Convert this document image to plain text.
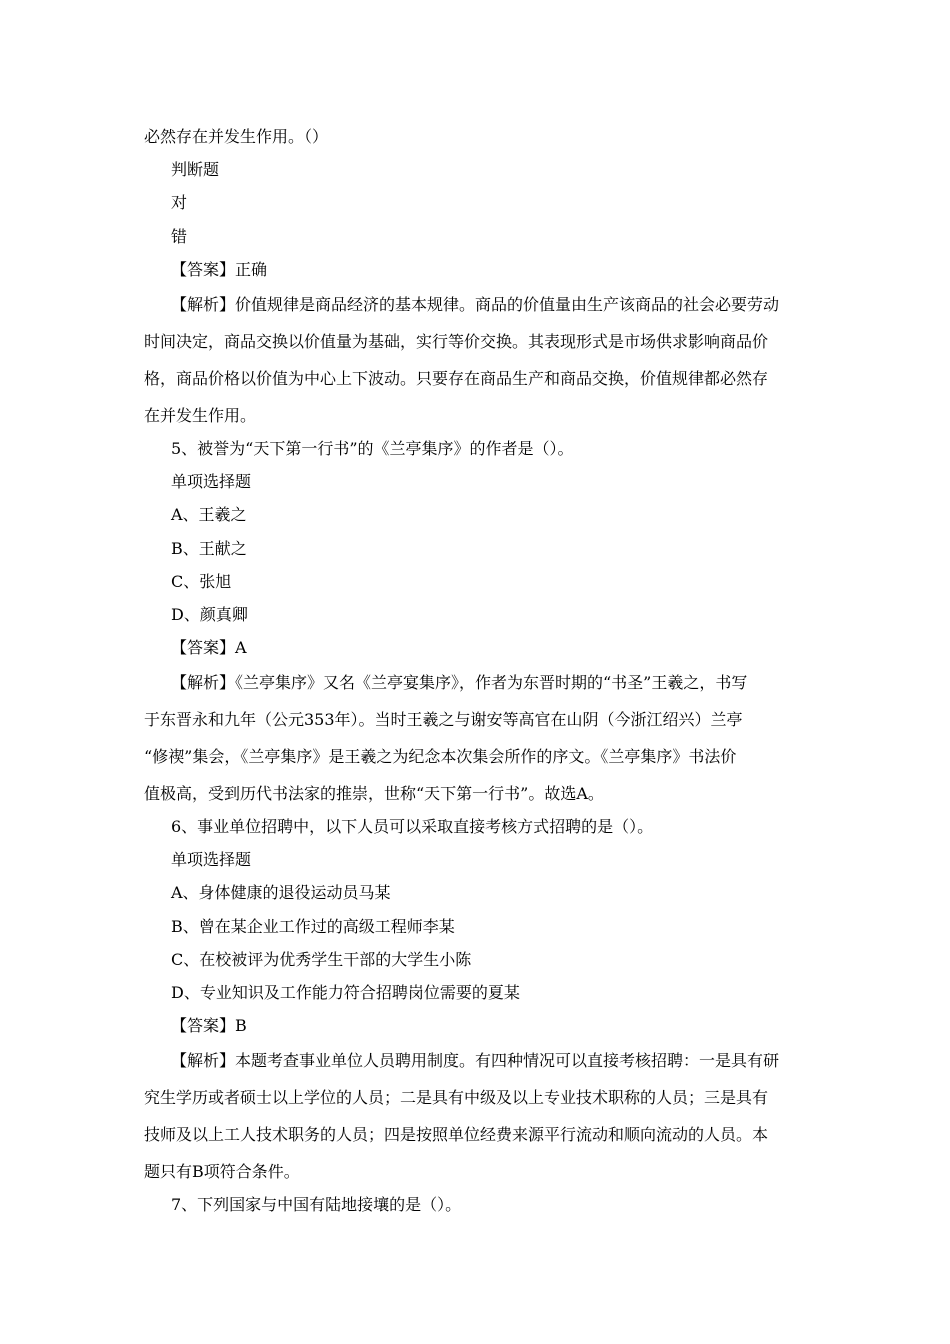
必然存在并发生作用。（）
判断题
对
错
【答案】正确
【解析】价值规律是商品经济的基本规律。商品的价值量由生产该商品的社会必要劳动
时间决定，商品交换以价值量为基础，实行等价交换。其表现形式是市场供求影响商品价
格，商品价格以价值为中心上下波动。只要存在商品生产和商品交换，价值规律都必然存
在并发生作用。
5、被誉为“天下第一行书”的《兰亭集序》的作者是（）。
单项选择题
A、王羲之
B、王献之
C、张旭
D、颜真卿
【答案】A
【解析】《兰亭集序》又名《兰亭宴集序》，作者为东晋时期的“书圣”王羲之，书写
于东晋永和九年（公元353年）。当时王羲之与谢安等高官在山阴（今浙江绍兴）兰亭
“修禊”集会，《兰亭集序》是王羲之为纪念本次集会所作的序文。《兰亭集序》书法价
值极高，受到历代书法家的推崇，世称“天下第一行书”。故选A。
6、事业单位招聘中，以下人员可以采取直接考核方式招聘的是（）。
单项选择题
A、身体健康的退役运动员马某
B、曾在某企业工作过的高级工程师李某
C、在校被评为优秀学生干部的大学生小陈
D、专业知识及工作能力符合招聘岗位需要的夏某
【答案】B
【解析】本题考查事业单位人员聘用制度。有四种情况可以直接考核招聘：一是具有研
究生学历或者硕士以上学位的人员；二是具有中级及以上专业技术职称的人员；三是具有
技师及以上工人技术职务的人员；四是按照单位经费来源平行流动和顺向流动的人员。本
题只有B项符合条件。
7、下列国家与中国有陆地接壤的是（）。
